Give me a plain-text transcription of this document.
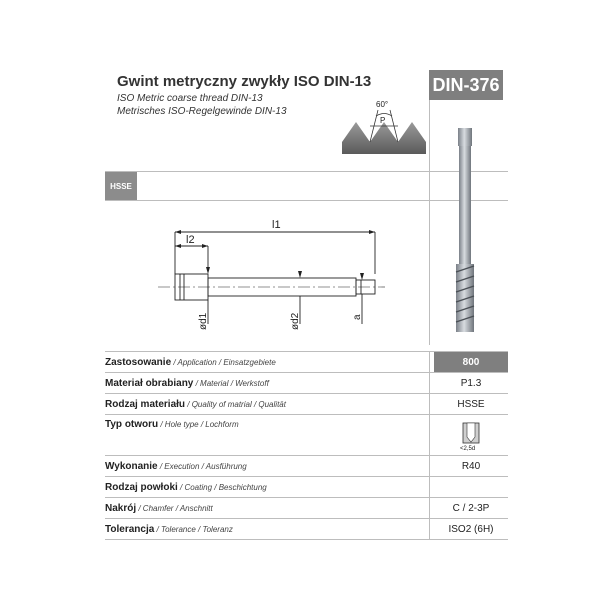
Gwint metryczny zwykły ISO DIN-13
ISO Metric coarse thread DIN-13
Metrisches ISO-Regelgewinde DIN-13
DIN-376
60°
P
HSSE
l1
l2
ød1	ød2	a
Zastosowanie / Application / Einsatzgebiete	800
Materiał obrabiany / Material / Werkstoff	P1.3
Rodzaj materiału / Quality of matrial / Qualität	HSSE
Typ otworu / Hole type / Lochform
<2,5d
Wykonanie / Execution / Ausführung	R40
Rodzaj powłoki / Coating / Beschichtung
Nakrój / Chamfer / Anschnitt	C / 2-3P
Tolerancja / Tolerance / Toleranz	ISO2 (6H)
